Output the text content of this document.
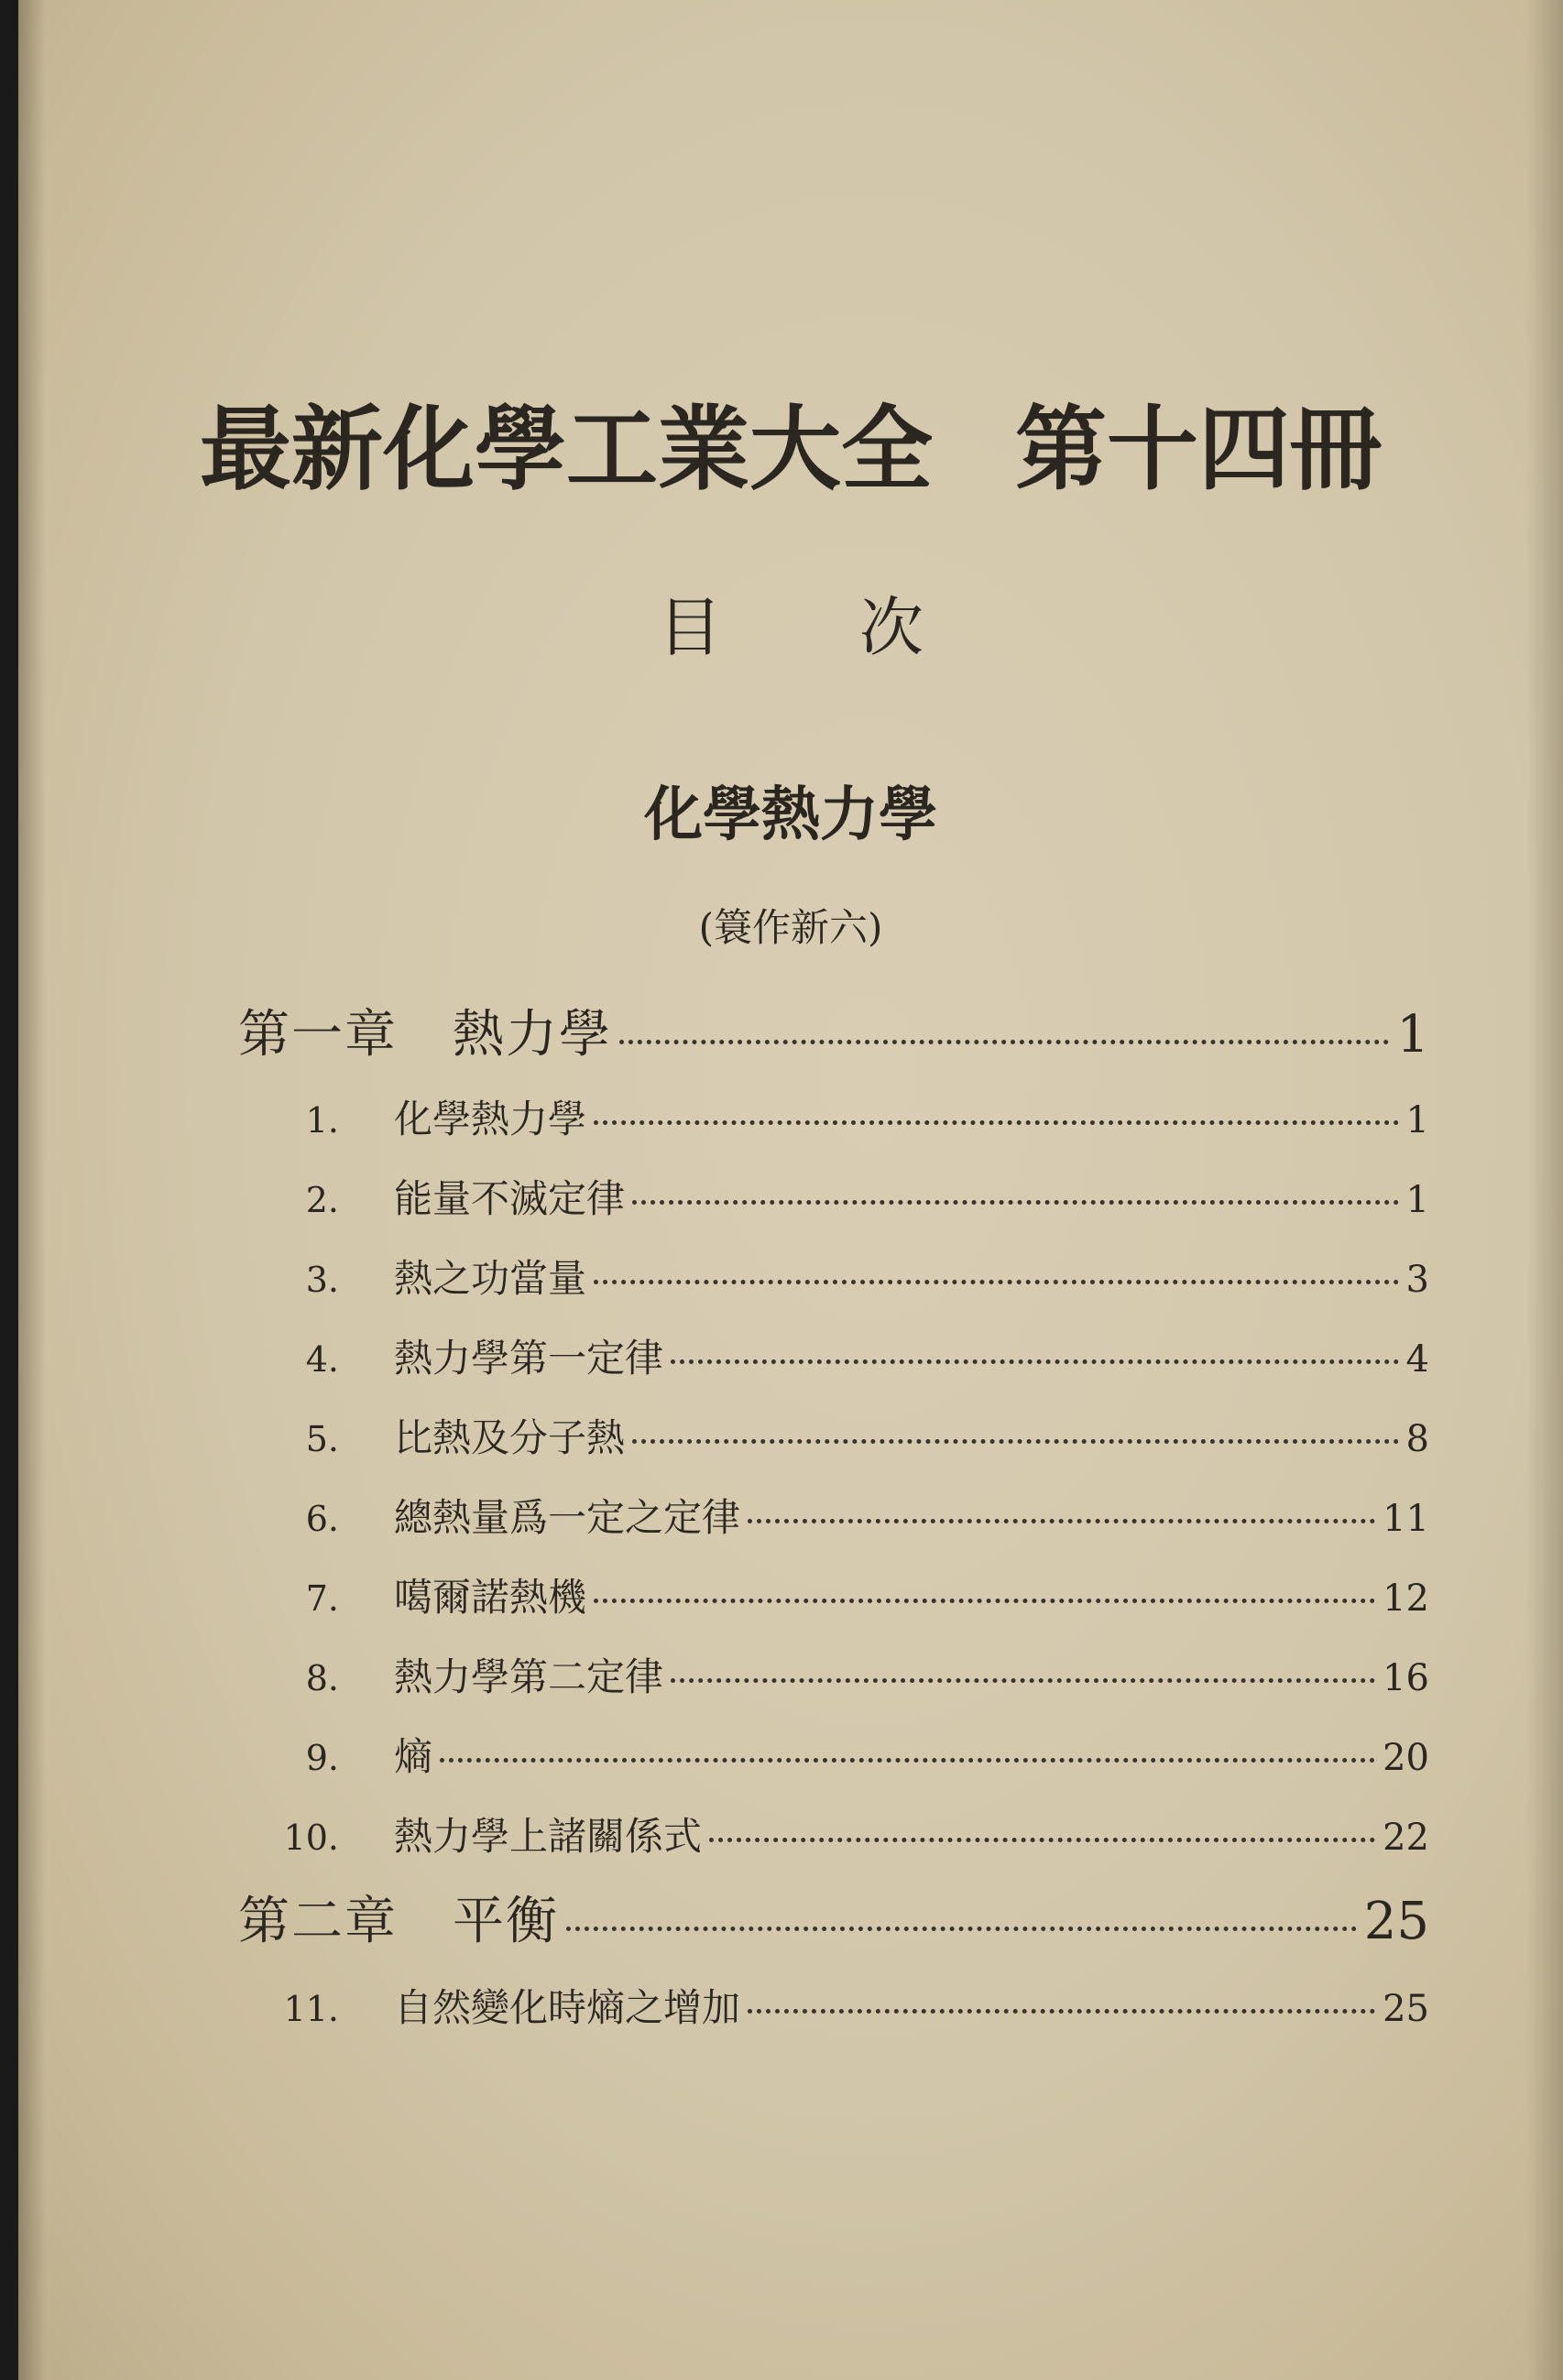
最新化學工業大全 第十四冊
目 次
化學熱力學
(簑作新六)
第一章 熱力學	1
1. 化學熱力學	1
2. 能量不滅定律	1
3. 熱之功當量	3
4. 熱力學第一定律	4
5. 比熱及分子熱	8
6. 總熱量爲一定之定律	11
7. 噶爾諾熱機	12
8. 熱力學第二定律	16
9. 熵	20
10. 熱力學上諸關係式	22
第二章 平衡	25
11. 自然變化時熵之增加	25
